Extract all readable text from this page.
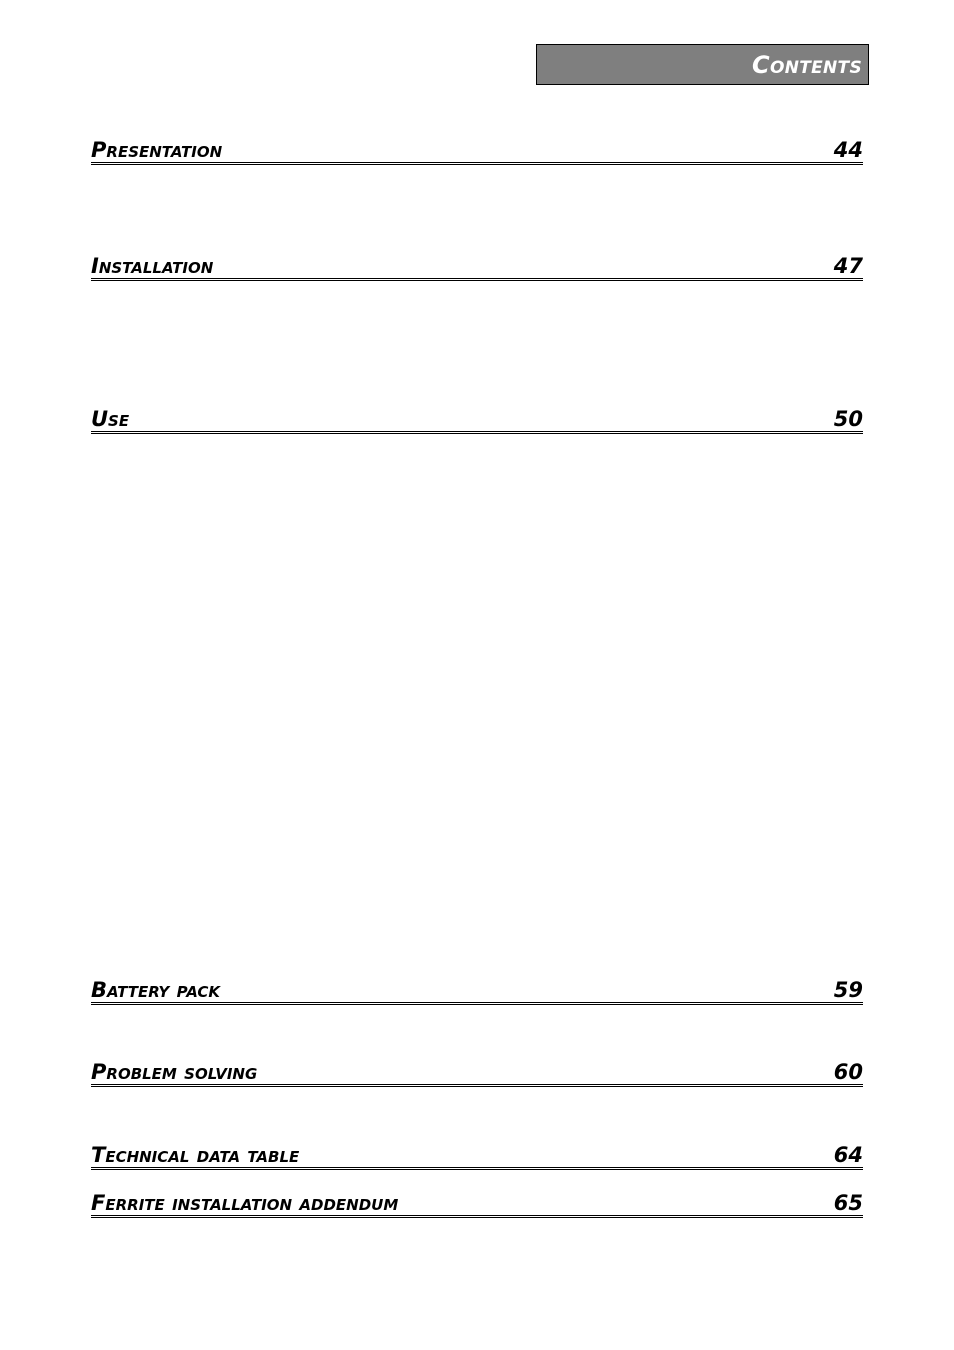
Contents
Presentation	44
Installation	47
Use	50
Battery pack	59
Problem solving	60
Technical data table	64
Ferrite installation addendum	65
